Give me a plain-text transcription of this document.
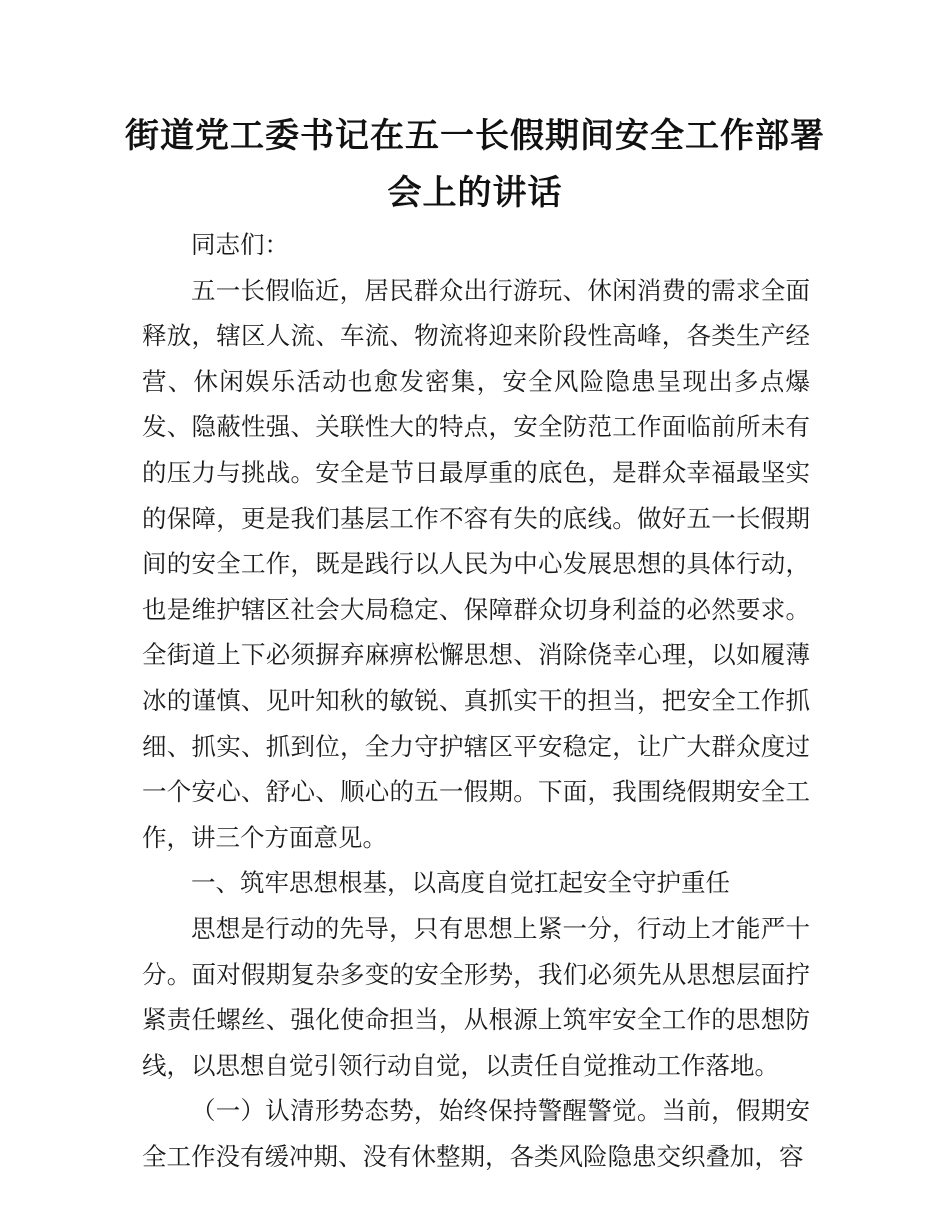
街道党工委书记在五一长假期间安全工作部署
会上的讲话

同志们：

五一长假临近，居民群众出行游玩、休闲消费的需求全面释放，辖区人流、车流、物流将迎来阶段性高峰，各类生产经营、休闲娱乐活动也愈发密集，安全风险隐患呈现出多点爆发、隐蔽性强、关联性大的特点，安全防范工作面临前所未有的压力与挑战。安全是节日最厚重的底色，是群众幸福最坚实的保障，更是我们基层工作不容有失的底线。做好五一长假期间的安全工作，既是践行以人民为中心发展思想的具体行动，也是维护辖区社会大局稳定、保障群众切身利益的必然要求。全街道上下必须摒弃麻痹松懈思想、消除侥幸心理，以如履薄冰的谨慎、见叶知秋的敏锐、真抓实干的担当，把安全工作抓细、抓实、抓到位，全力守护辖区平安稳定，让广大群众度过一个安心、舒心、顺心的五一假期。下面，我围绕假期安全工作，讲三个方面意见。

一、筑牢思想根基，以高度自觉扛起安全守护重任

思想是行动的先导，只有思想上紧一分，行动上才能严十分。面对假期复杂多变的安全形势，我们必须先从思想层面拧紧责任螺丝、强化使命担当，从根源上筑牢安全工作的思想防线，以思想自觉引领行动自觉，以责任自觉推动工作落地。

（一）认清形势态势，始终保持警醒警觉。当前，假期安全工作没有缓冲期、没有休整期，各类风险隐患交织叠加，容
